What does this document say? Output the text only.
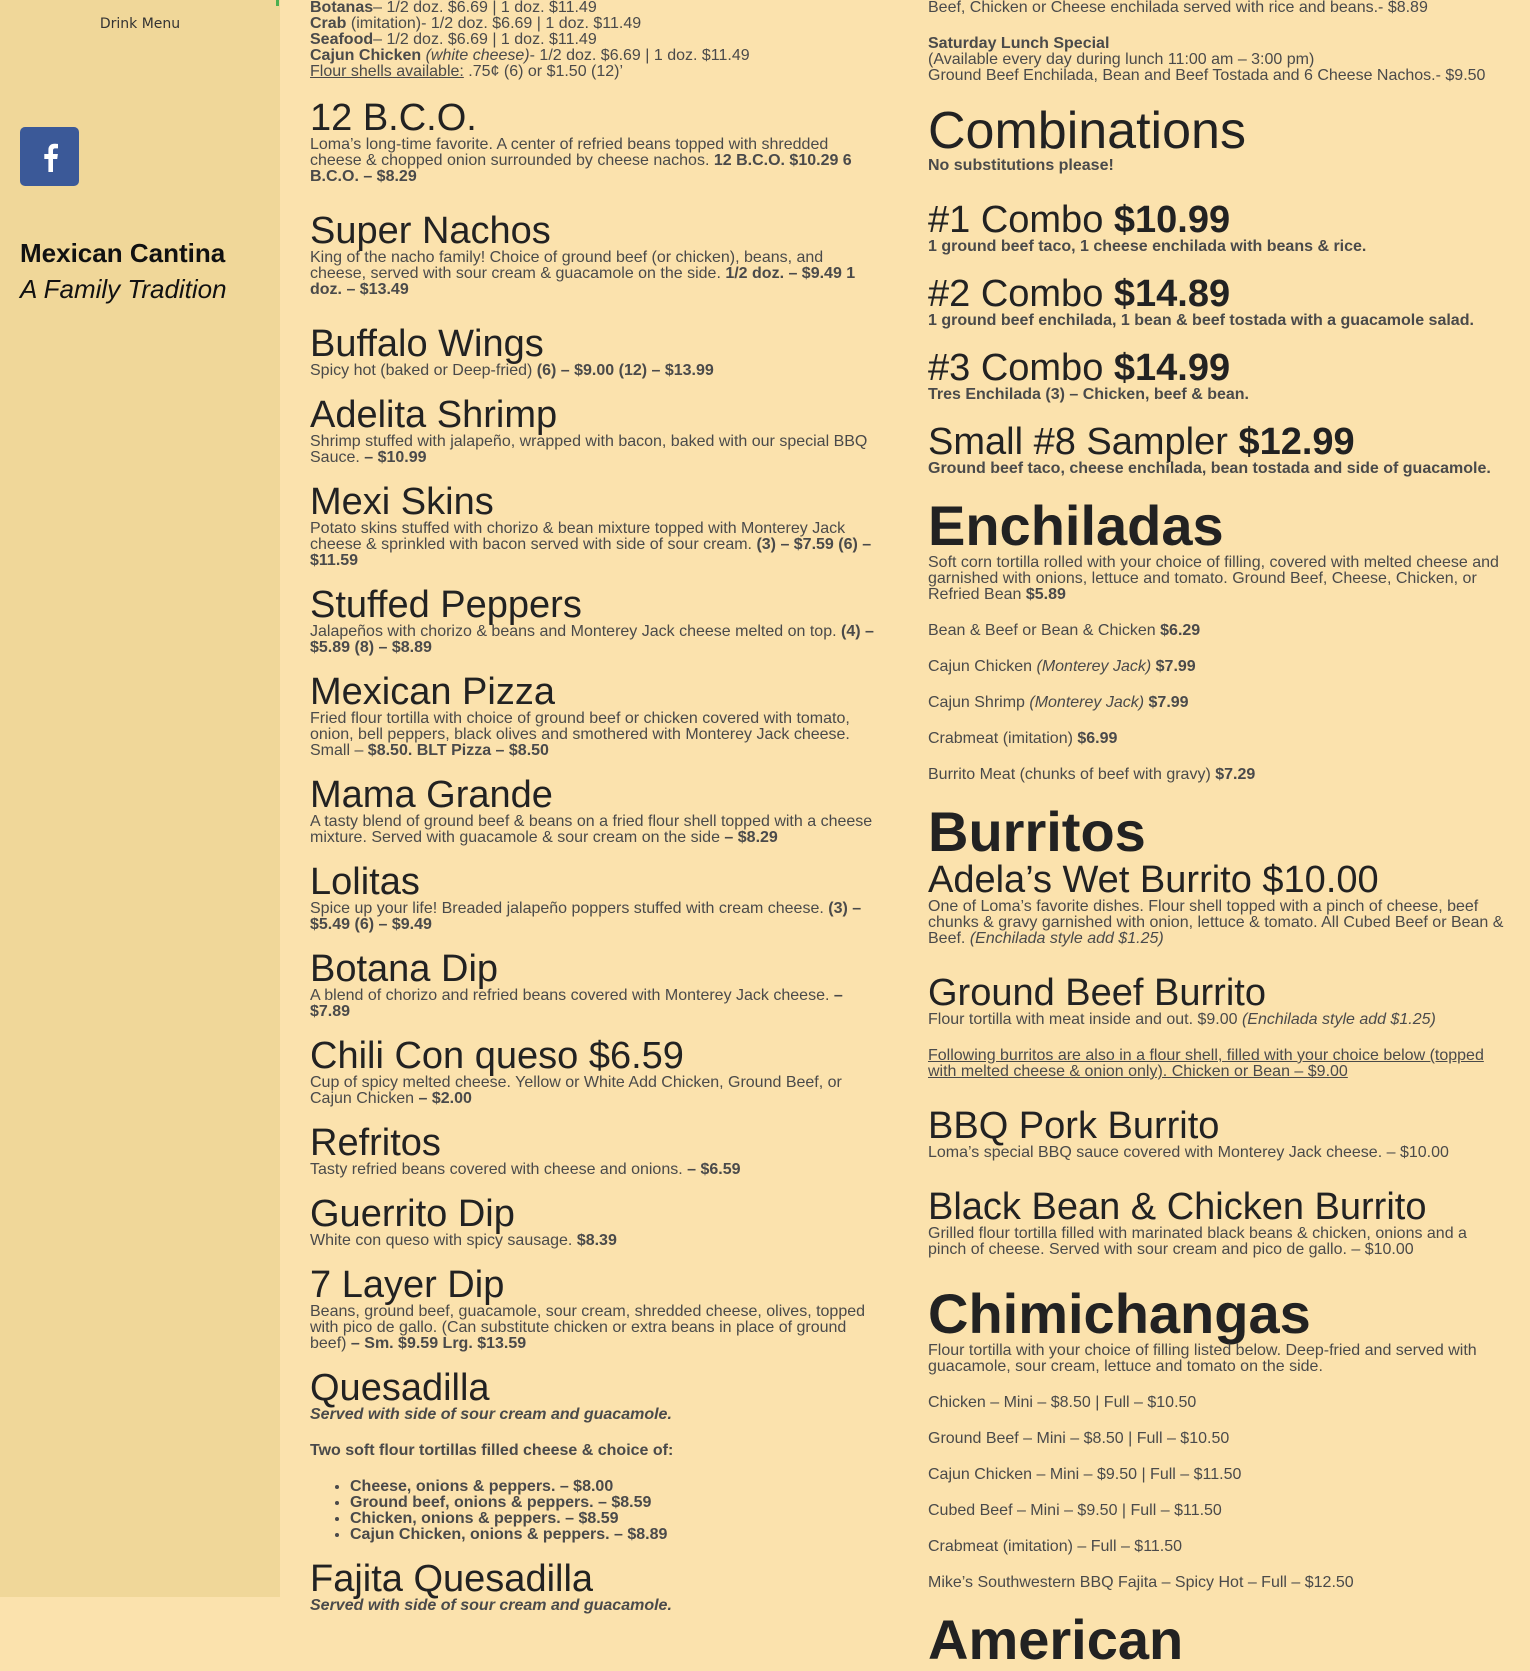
Drink Menu
Mexican Cantina
A Family Tradition

Botanas– 1/2 doz. $6.69 | 1 doz. $11.49

Crab (imitation)- 1/2 doz. $6.69 | 1 doz. $11.49

Seafood– 1/2 doz. $6.69 | 1 doz. $11.49

Cajun Chicken (white cheese)- 1/2 doz. $6.69 | 1 doz. $11.49

Flour shells available: .75¢ (6) or $1.50 (12)’

12 B.C.O.

Loma’s long-time favorite. A center of refried beans topped with shredded cheese & chopped onion surrounded by cheese nachos. 12 B.C.O. $10.29 6 B.C.O. – $8.29

Super Nachos

King of the nacho family! Choice of ground beef (or chicken), beans, and cheese, served with sour cream & guacamole on the side. 1/2 doz. – $9.49 1 doz. – $13.49

Buffalo Wings

Spicy hot (baked or Deep-fried) (6) – $9.00 (12) – $13.99

Adelita Shrimp

Shrimp stuffed with jalapeño, wrapped with bacon, baked with our special BBQ Sauce. – $10.99

Mexi Skins

Potato skins stuffed with chorizo & bean mixture topped with Monterey Jack cheese & sprinkled with bacon served with side of sour cream. (3) – $7.59 (6) – $11.59

Stuffed Peppers

Jalapeños with chorizo & beans and Monterey Jack cheese melted on top. (4) – $5.89 (8) – $8.89

Mexican Pizza

Fried flour tortilla with choice of ground beef or chicken covered with tomato, onion, bell peppers, black olives and smothered with Monterey Jack cheese. Small – $8.50. BLT Pizza – $8.50

Mama Grande

A tasty blend of ground beef & beans on a fried flour shell topped with a cheese mixture. Served with guacamole & sour cream on the side – $8.29

Lolitas

Spice up your life! Breaded jalapeño poppers stuffed with cream cheese. (3) – $5.49 (6) – $9.49

Botana Dip

A blend of chorizo and refried beans covered with Monterey Jack cheese. – $7.89

Chili Con queso $6.59

Cup of spicy melted cheese. Yellow or White Add Chicken, Ground Beef, or Cajun Chicken – $2.00

Refritos

Tasty refried beans covered with cheese and onions. – $6.59

Guerrito Dip

White con queso with spicy sausage. $8.39

7 Layer Dip

Beans, ground beef, guacamole, sour cream, shredded cheese, olives, topped with pico de gallo. (Can substitute chicken or extra beans in place of ground beef) – Sm. $9.59 Lrg. $13.59

Quesadilla

Served with side of sour cream and guacamole.

Two soft flour tortillas filled cheese & choice of:

• Cheese, onions & peppers. – $8.00
• Ground beef, onions & peppers. – $8.59
• Chicken, onions & peppers. – $8.59
• Cajun Chicken, onions & peppers. – $8.89
Fajita Quesadilla

Served with side of sour cream and guacamole.

Beef, Chicken or Cheese enchilada served with rice and beans.- $8.89

Saturday Lunch Special

(Available every day during lunch 11:00 am – 3:00 pm)

Ground Beef Enchilada, Bean and Beef Tostada and 6 Cheese Nachos.- $9.50

Combinations

No substitutions please!

#1 Combo $10.99

1 ground beef taco, 1 cheese enchilada with beans & rice.

#2 Combo $14.89

1 ground beef enchilada, 1 bean & beef tostada with a guacamole salad.

#3 Combo $14.99

Tres Enchilada (3) – Chicken, beef & bean.

Small #8 Sampler $12.99

Ground beef taco, cheese enchilada, bean tostada and side of guacamole.

Enchiladas

Soft corn tortilla rolled with your choice of filling, covered with melted cheese and garnished with onions, lettuce and tomato. Ground Beef, Cheese, Chicken, or Refried Bean $5.89

Bean & Beef or Bean & Chicken $6.29

Cajun Chicken (Monterey Jack) $7.99

Cajun Shrimp (Monterey Jack) $7.99

Crabmeat (imitation) $6.99

Burrito Meat (chunks of beef with gravy) $7.29

Burritos
Adela’s Wet Burrito $10.00

One of Loma’s favorite dishes. Flour shell topped with a pinch of cheese, beef chunks & gravy garnished with onion, lettuce & tomato. All Cubed Beef or Bean & Beef. (Enchilada style add $1.25)

Ground Beef Burrito

Flour tortilla with meat inside and out. $9.00 (Enchilada style add $1.25)

Following burritos are also in a flour shell, filled with your choice below (topped with melted cheese & onion only). Chicken or Bean – $9.00

BBQ Pork Burrito

Loma’s special BBQ sauce covered with Monterey Jack cheese. – $10.00

Black Bean & Chicken Burrito

Grilled flour tortilla filled with marinated black beans & chicken, onions and a pinch of cheese. Served with sour cream and pico de gallo. – $10.00

Chimichangas

Flour tortilla with your choice of filling listed below. Deep-fried and served with guacamole, sour cream, lettuce and tomato on the side.

Chicken – Mini – $8.50 | Full – $10.50

Ground Beef – Mini – $8.50 | Full – $10.50

Cajun Chicken – Mini – $9.50 | Full – $11.50

Cubed Beef – Mini – $9.50 | Full – $11.50

Crabmeat (imitation) – Full – $11.50

Mike’s Southwestern BBQ Fajita – Spicy Hot – Full – $12.50

American
